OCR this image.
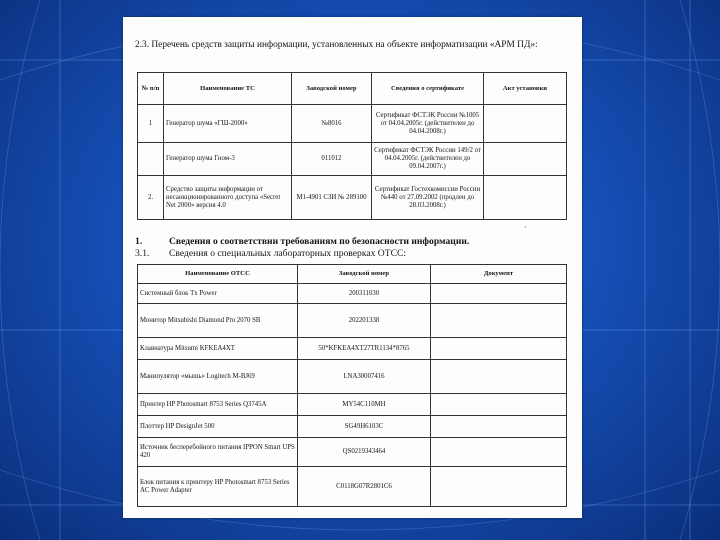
2.3. Перечень средств защиты информации, установленных на объекте информатизации «АРМ ПД»:
№ п/п	Наименование ТС	Заводской номер	Сведения о сертификате	Акт установки
1	Генератор шума «ГШ-2000»	№8016	Сертификат ФСТЭК России №1005 от 04.04.2005г. (действителен до 04.04.2008г.)	
	Генератор шума Гном-3	011012	Сертификат ФСТЭК России 149/2 от 04.04.2005г. (действителен до 09.04.2007г.)	
2.	Средство защиты информации от несанкционированного доступа «Secret Net 2000» версия 4.0	М1-4901 СЗИ № 289100	Сертификат Гостехкомиссии России №440 от 27.09.2002 (продлен до 28.03.2008г.)	
·
1.	Сведения о соответствии требованиям по безопасности информации.
3.1. Сведения о специальных лабораторных проверках ОТСС:
Наименование ОТСС	Заводской номер	Документ
Системный блок Tx Power	200311030	
Монитор Mitsubishi Diamond Pro 2070 SB	202201338	
Клавиатура Mitsumi KFKEA4XT	50*KFKEA4XT27TR1134*8765	
Манипулятор «мышь» Logitech M-BJ69	LNA30007416	
Принтер HP Photosmart 8753 Series Q3745A	MY54C110MH	
Плоттер HP DesignJet 500	SG49H6103C	
Источник бесперебойного питания IPPON Smart UPS 420	QS0219343464	
Блок питания к принтеру HP Photosmart 8753 Series AC Power Adapter	C0118G07R2801C6	
